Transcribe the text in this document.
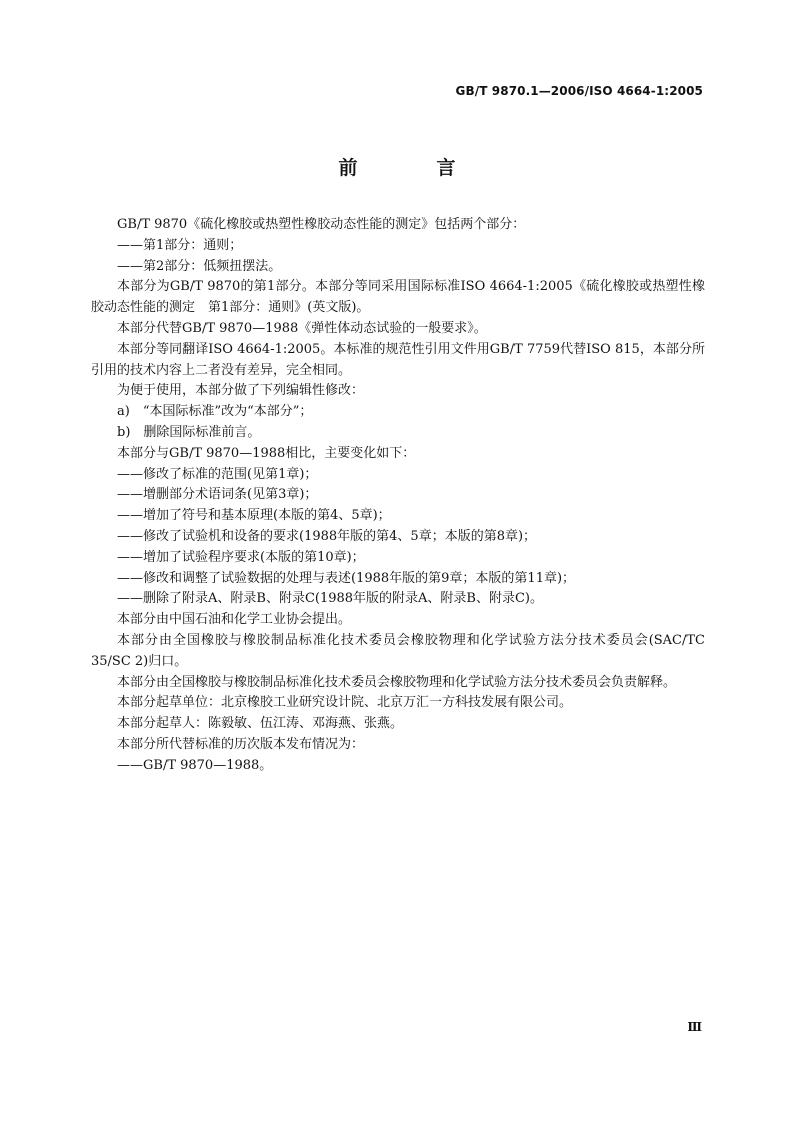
GB/T 9870.1—2006/ISO 4664-1:2005
前　言

GB/T 9870《硫化橡胶或热塑性橡胶动态性能的测定》包括两个部分：

——第1部分：通则；

——第2部分：低频扭摆法。

本部分为GB/T 9870的第1部分。本部分等同采用国际标准ISO 4664-1:2005《硫化橡胶或热塑性橡胶动态性能的测定　第1部分：通则》(英文版)。

本部分代替GB/T 9870—1988《弹性体动态试验的一般要求》。

本部分等同翻译ISO 4664-1:2005。本标准的规范性引用文件用GB/T 7759代替ISO 815，本部分所引用的技术内容上二者没有差异，完全相同。

为便于使用，本部分做了下列编辑性修改：

a)　“本国际标准”改为“本部分”；

b)　删除国际标准前言。

本部分与GB/T 9870—1988相比，主要变化如下：

——修改了标准的范围(见第1章)；

——增删部分术语词条(见第3章)；

——增加了符号和基本原理(本版的第4、5章)；

——修改了试验机和设备的要求(1988年版的第4、5章；本版的第8章)；

——增加了试验程序要求(本版的第10章)；

——修改和调整了试验数据的处理与表述(1988年版的第9章；本版的第11章)；

——删除了附录A、附录B、附录C(1988年版的附录A、附录B、附录C)。

本部分由中国石油和化学工业协会提出。

本部分由全国橡胶与橡胶制品标准化技术委员会橡胶物理和化学试验方法分技术委员会(SAC/TC 35/SC 2)归口。

本部分由全国橡胶与橡胶制品标准化技术委员会橡胶物理和化学试验方法分技术委员会负责解释。

本部分起草单位：北京橡胶工业研究设计院、北京万汇一方科技发展有限公司。

本部分起草人：陈毅敏、伍江涛、邓海燕、张燕。

本部分所代替标准的历次版本发布情况为：

——GB/T 9870—1988。

Ⅲ
